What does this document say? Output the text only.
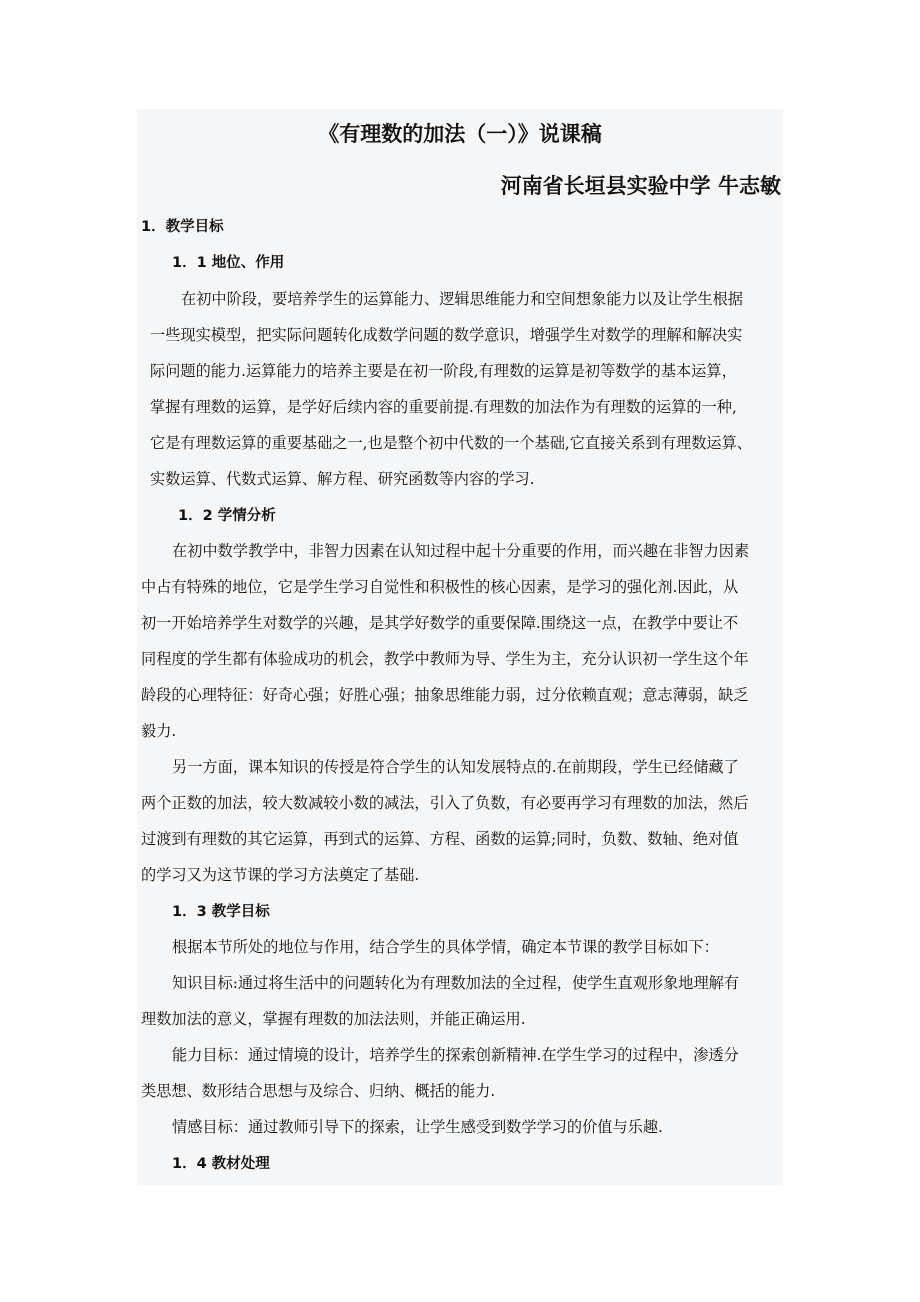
《有理数的加法（一）》说课稿
河南省长垣县实验中学 牛志敏
1．教学目标
1．1 地位、作用
在初中阶段，要培养学生的运算能力、逻辑思维能力和空间想象能力以及让学生根据
一些现实模型，把实际问题转化成数学问题的数学意识，增强学生对数学的理解和解决实
际问题的能力.运算能力的培养主要是在初一阶段,有理数的运算是初等数学的基本运算，
掌握有理数的运算，是学好后续内容的重要前提.有理数的加法作为有理数的运算的一种,
它是有理数运算的重要基础之一,也是整个初中代数的一个基础,它直接关系到有理数运算、
实数运算、代数式运算、解方程、研究函数等内容的学习.
1．2 学情分析
在初中数学教学中，非智力因素在认知过程中起十分重要的作用，而兴趣在非智力因素
中占有特殊的地位，它是学生学习自觉性和积极性的核心因素，是学习的强化剂.因此，从
初一开始培养学生对数学的兴趣，是其学好数学的重要保障.围绕这一点，在教学中要让不
同程度的学生都有体验成功的机会，教学中教师为导、学生为主，充分认识初一学生这个年
龄段的心理特征：好奇心强；好胜心强；抽象思维能力弱，过分依赖直观；意志薄弱，缺乏
毅力.
另一方面，课本知识的传授是符合学生的认知发展特点的.在前期段，学生已经储藏了
两个正数的加法，较大数减较小数的减法，引入了负数，有必要再学习有理数的加法，然后
过渡到有理数的其它运算，再到式的运算、方程、函数的运算;同时，负数、数轴、绝对值
的学习又为这节课的学习方法奠定了基础.
1．3 教学目标
根据本节所处的地位与作用，结合学生的具体学情，确定本节课的教学目标如下：
知识目标:通过将生活中的问题转化为有理数加法的全过程，使学生直观形象地理解有
理数加法的意义，掌握有理数的加法法则，并能正确运用.
能力目标：通过情境的设计，培养学生的探索创新精神.在学生学习的过程中，渗透分
类思想、数形结合思想与及综合、归纳、概括的能力.
情感目标：通过教师引导下的探索，让学生感受到数学学习的价值与乐趣.
1．4 教材处理
